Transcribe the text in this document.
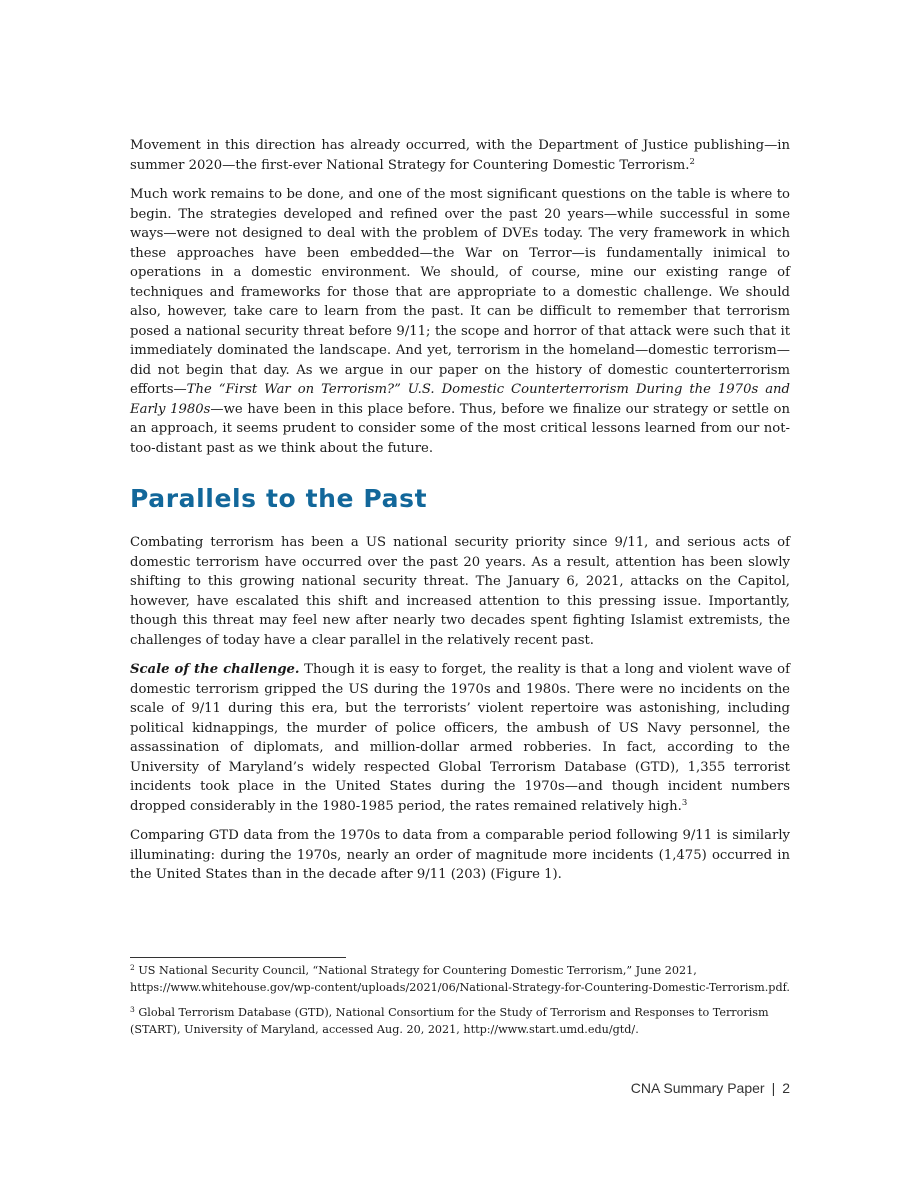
Movement in this direction has already occurred, with the Department of Justice publishing—in summer 2020—the first-ever National Strategy for Countering Domestic Terrorism.$^2$

Much work remains to be done, and one of the most significant questions on the table is where to begin. The strategies developed and refined over the past 20 years—while successful in some ways—were not designed to deal with the problem of DVEs today. The very framework in which these approaches have been embedded—the War on Terror—is fundamentally inimical to operations in a domestic environment. We should, of course, mine our existing range of techniques and frameworks for those that are appropriate to a domestic challenge. We should also, however, take care to learn from the past. It can be difficult to remember that terrorism posed a national security threat before 9/11; the scope and horror of that attack were such that it immediately dominated the landscape. And yet, terrorism in the homeland—domestic terrorism—did not begin that day. As we argue in our paper on the history of domestic counterterrorism efforts—The “First War on Terrorism?” U.S. Domestic Counterterrorism During the 1970s and Early 1980s—we have been in this place before. Thus, before we finalize our strategy or settle on an approach, it seems prudent to consider some of the most critical lessons learned from our not-too-distant past as we think about the future.

Parallels to the Past

Combating terrorism has been a US national security priority since 9/11, and serious acts of domestic terrorism have occurred over the past 20 years. As a result, attention has been slowly shifting to this growing national security threat. The January 6, 2021, attacks on the Capitol, however, have escalated this shift and increased attention to this pressing issue. Importantly, though this threat may feel new after nearly two decades spent fighting Islamist extremists, the challenges of today have a clear parallel in the relatively recent past.

Scale of the challenge. Though it is easy to forget, the reality is that a long and violent wave of domestic terrorism gripped the US during the 1970s and 1980s. There were no incidents on the scale of 9/11 during this era, but the terrorists’ violent repertoire was astonishing, including political kidnappings, the murder of police officers, the ambush of US Navy personnel, the assassination of diplomats, and million-dollar armed robberies. In fact, according to the University of Maryland’s widely respected Global Terrorism Database (GTD), 1,355 terrorist incidents took place in the United States during the 1970s—and though incident numbers dropped considerably in the 1980-1985 period, the rates remained relatively high.$^3$

Comparing GTD data from the 1970s to data from a comparable period following 9/11 is similarly illuminating: during the 1970s, nearly an order of magnitude more incidents (1,475) occurred in the United States than in the decade after 9/11 (203) (Figure 1).

$^2$ US National Security Council, “National Strategy for Countering Domestic Terrorism,” June 2021, https://www.whitehouse.gov/wp-content/uploads/2021/06/National-Strategy-for-Countering-Domestic-Terrorism.pdf.

$^3$ Global Terrorism Database (GTD), National Consortium for the Study of Terrorism and Responses to Terrorism (START), University of Maryland, accessed Aug. 20, 2021, http://www.start.umd.edu/gtd/.

CNA Summary Paper | 2
